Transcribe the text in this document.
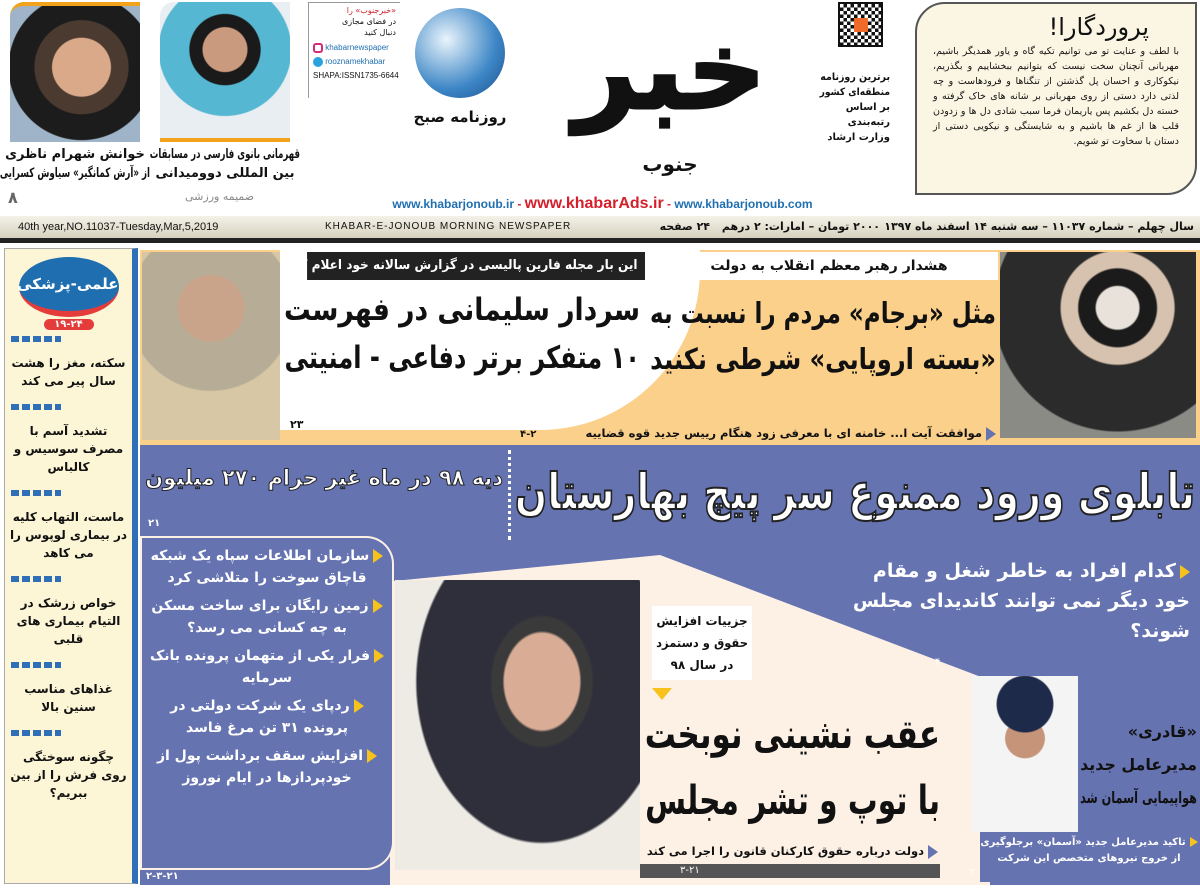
خوانش شهرام ناظری
از «آرش کمانگیر» سیاوش کسرایی
۸
قهرمانی بانوی فارسی در مسابقات
بین المللی دوومیدانی
ضمیمه ورزشی
«خبرجنوب» را
در فضای مجازی
دنبال کنید
khabarnewspaper
rooznamekhabar
SHAPA:ISSN1735-6644
روزنامه صبح خبر
جنوب
www.khabarjonoub.ir - www.khabarAds.ir - www.khabarjonoub.com
برترین روزنامه
منطقه‌ای کشور
بر اساس
رتبه‌بندی
وزارت ارشاد
پروردگارا!
با لطف و عنایت تو می توانیم تکیه گاه و یاور همدیگر باشیم، مهربانی آنچنان سخت نیست که بتوانیم ببخشاییم و بگذریم، نیکوکاری و احسان پل گذشتن از تنگناها و فرودهاست و چه لذتی دارد دستی از روی مهربانی بر شانه های خاک گرفته و خسته دل بکشیم پس یاریمان فرما سبب شادی دل ها و زدودن قلب ها از غم ها باشیم و به شایستگی و نیکویی دستی از دستان با سخاوت تو شویم.
سال چهلم – شماره ۱۱۰۳۷ – سه شنبه ۱۴ اسفند ماه ۱۳۹۷
۲۰۰۰ تومان – امارات: ۲ درهم
۲۴ صفحه
KHABAR-E-JONOUB MORNING NEWSPAPER
40th year,NO.11037-Tuesday,Mar,5,2019
علمی-پزشکی
۱۹-۲۴
سکته، مغز را هشت سال پیر می کند
تشدید آسم با مصرف سوسیس و کالباس
ماست، التهاب کلیه در بیماری لوپوس را می کاهد
خواص زرشک در التیام بیماری های قلبی
غذاهای مناسب سنین بالا
چگونه سوختگی روی فرش را از بین ببریم؟
این بار مجله فارین پالیسی در گزارش سالانه خود اعلام کرد؛
سردار سلیمانی در فهرست
۱۰ متفکر برتر دفاعی - امنیتی
۲۳
هشدار رهبر معظم انقلاب به دولت
مثل «برجام» مردم را نسبت به
«بسته اروپایی» شرطی نکنید
موافقت آیت ا... خامنه ای با معرفی زود هنگام رییس جدید قوه قضاییه
۴-۲
تابلوی ورود ممنوع سر پیچ بهارستان
دیه ۹۸ در ماه غیر حرام ۲۷۰ میلیون
۲۱
سازمان اطلاعات سپاه یک شبکه قاچاق سوخت را متلاشی کرد
زمین رایگان برای ساخت مسکن به چه کسانی می رسد؟
فرار یکی از متهمان پرونده بانک سرمایه
ردپای یک شرکت دولتی در پرونده ۳۱ تن مرغ فاسد
افزایش سقف برداشت پول از خودپردازها در ایام نوروز
۲-۳-۲۱
جزییات افزایش
حقوق و دستمزد
در سال ۹۸
عقب نشینی نوبخت
با توپ و تشر مجلس
دولت درباره حقوق کارکنان قانون را اجرا می کند
۳-۲۱
کدام افراد به خاطر شغل و مقام خود دیگر نمی توانند کاندیدای مجلس شوند؟
۴
«قادری»
مدیرعامل جدید
هواپیمایی آسمان شد
تاکید مدیرعامل جدید «آسمان» برجلوگیری از خروج نیروهای متخصص این شرکت
۲
